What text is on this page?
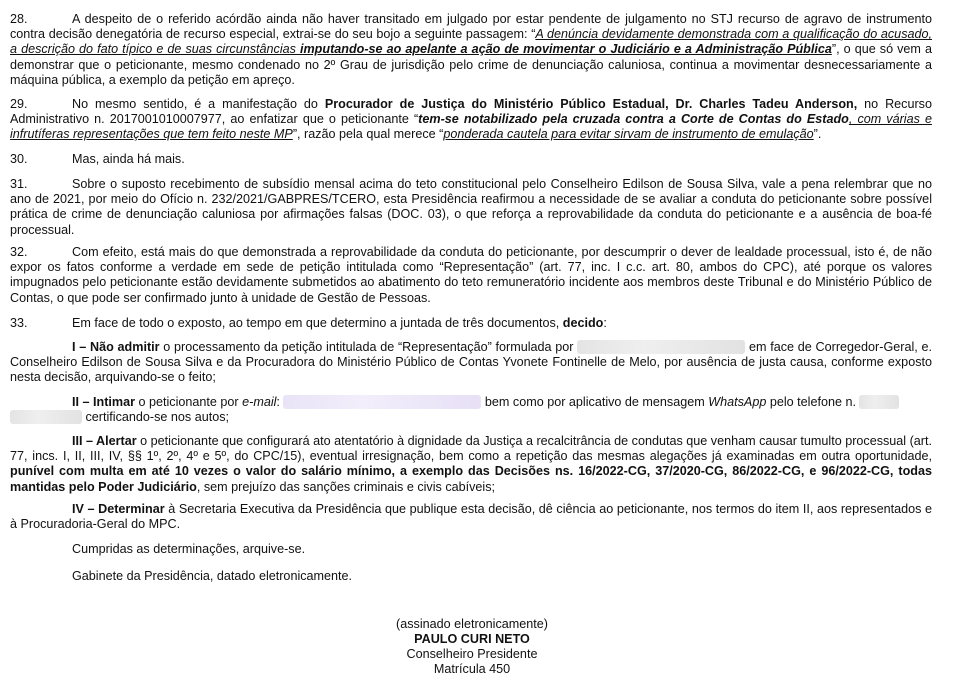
28.	A despeito de o referido acórdão ainda não haver transitado em julgado por estar pendente de julgamento no STJ recurso de agravo de instrumento contra decisão denegatória de recurso especial, extrai-se do seu bojo a seguinte passagem: “A denúncia devidamente demonstrada com a qualificação do acusado, a descrição do fato típico e de suas circunstâncias imputando-se ao apelante a ação de movimentar o Judiciário e a Administração Pública”, o que só vem a demonstrar que o peticionante, mesmo condenado no 2º Grau de jurisdição pelo crime de denunciação caluniosa, continua a movimentar desnecessariamente a máquina pública, a exemplo da petição em apreço.

29.	No mesmo sentido, é a manifestação do Procurador de Justiça do Ministério Público Estadual, Dr. Charles Tadeu Anderson, no Recurso Administrativo n. 2017001010007977, ao enfatizar que o peticionante “tem-se notabilizado pela cruzada contra a Corte de Contas do Estado, com várias e infrutíferas representações que tem feito neste MP”, razão pela qual merece “ponderada cautela para evitar sirvam de instrumento de emulação”.

30.	Mas, ainda há mais.

31.	Sobre o suposto recebimento de subsídio mensal acima do teto constitucional pelo Conselheiro Edilson de Sousa Silva, vale a pena relembrar que no ano de 2021, por meio do Ofício n. 232/2021/GABPRES/TCERO, esta Presidência reafirmou a necessidade de se avaliar a conduta do peticionante sobre possível prática de crime de denunciação caluniosa por afirmações falsas (DOC. 03), o que reforça a reprovabilidade da conduta do peticionante e a ausência de boa-fé processual.

32.	Com efeito, está mais do que demonstrada a reprovabilidade da conduta do peticionante, por descumprir o dever de lealdade processual, isto é, de não expor os fatos conforme a verdade em sede de petição intitulada como “Representação” (art. 77, inc. I c.c. art. 80, ambos do CPC), até porque os valores impugnados pelo peticionante estão devidamente submetidos ao abatimento do teto remuneratório incidente aos membros deste Tribunal e do Ministério Público de Contas, o que pode ser confirmado junto à unidade de Gestão de Pessoas.

33.	Em face de todo o exposto, ao tempo em que determino a juntada de três documentos, decido:

I – Não admitir o processamento da petição intitulada de “Representação” formulada por	em face de Corregedor-Geral, e. Conselheiro Edilson de Sousa Silva e da Procuradora do Ministério Público de Contas Yvonete Fontinelle de Melo, por ausência de justa causa, conforme exposto nesta decisão, arquivando-se o feito;

II – Intimar o peticionante por e-mail:	bem como por aplicativo de mensagem WhatsApp pelo telefone n.
certificando-se nos autos;

III – Alertar o peticionante que configurará ato atentatório à dignidade da Justiça a recalcitrância de condutas que venham causar tumulto processual (art. 77, incs. I, II, III, IV, §§ 1º, 2º, 4º e 5º, do CPC/15), eventual irresignação, bem como a repetição das mesmas alegações já examinadas em outra oportunidade, punível com multa em até 10 vezes o valor do salário mínimo, a exemplo das Decisões ns. 16/2022-CG, 37/2020-CG, 86/2022-CG, e 96/2022-CG, todas mantidas pelo Poder Judiciário, sem prejuízo das sanções criminais e civis cabíveis;

IV – Determinar à Secretaria Executiva da Presidência que publique esta decisão, dê ciência ao peticionante, nos termos do item II, aos representados e à Procuradoria-Geral do MPC.

Cumpridas as determinações, arquive-se.

Gabinete da Presidência, datado eletronicamente.

(assinado eletronicamente)
PAULO CURI NETO
Conselheiro Presidente
Matrícula 450
